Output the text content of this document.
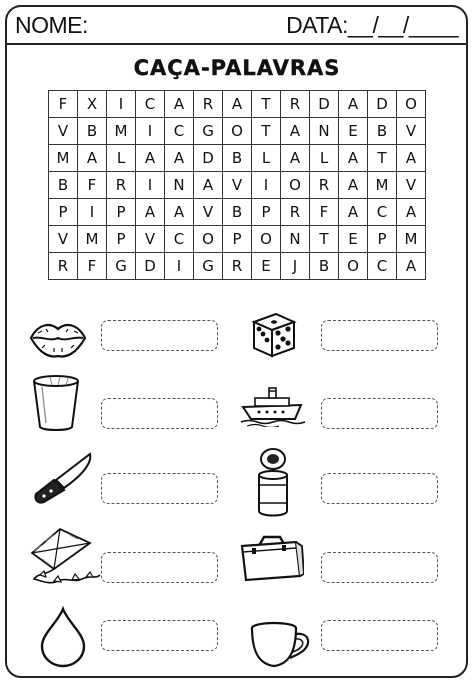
NOME:	DATA:__/__/____
CAÇA-PALAVRAS
F	X	I	C	A	R	A	T	R	D	A	D	O
V	B	M	I	C	G	O	T	A	N	E	B	V
M	A	L	A	A	D	B	L	A	L	A	T	A
B	F	R	I	N	A	V	I	O	R	A	M	V
P	I	P	A	A	V	B	P	R	F	A	C	A
V	M	P	V	C	O	P	O	N	T	E	P	M
R	F	G	D	I	G	R	E	J	B	O	C	A
